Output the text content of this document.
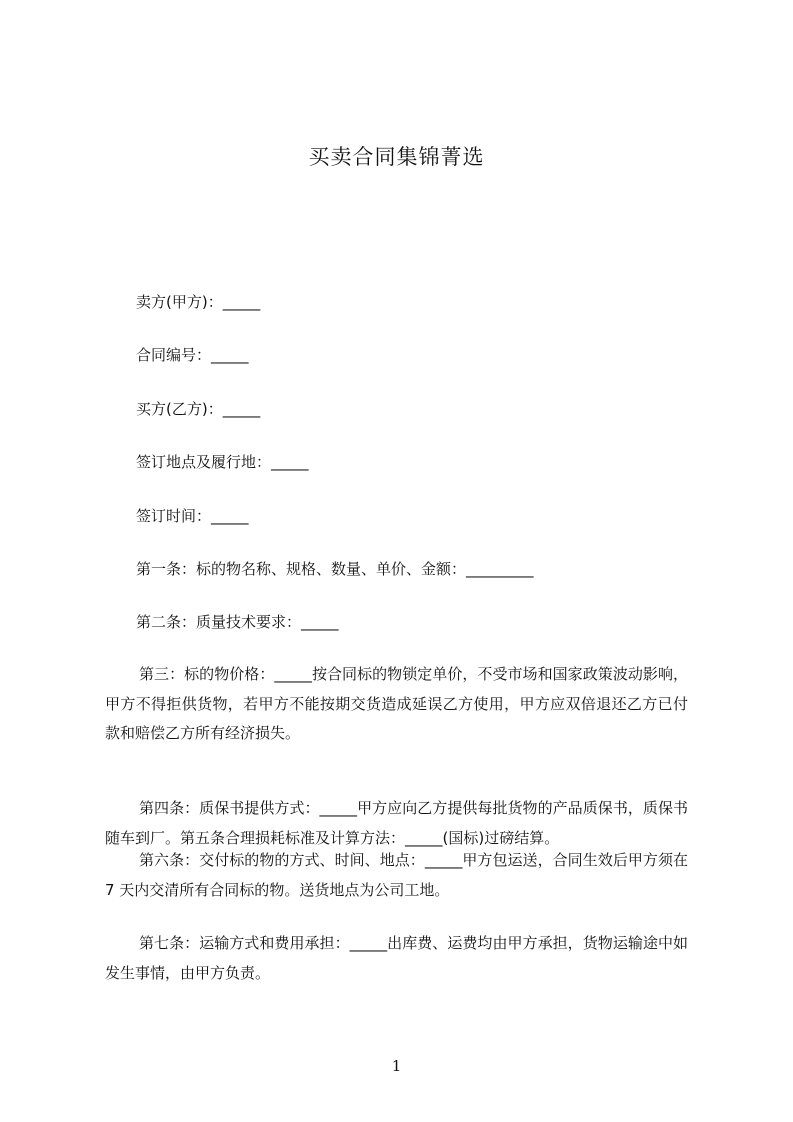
买卖合同集锦菁选
卖方(甲方)：_____
合同编号：_____
买方(乙方)：_____
签订地点及履行地：_____
签订时间：_____
第一条：标的物名称、规格、数量、单价、金额：_________
第二条：质量技术要求：_____
第三：标的物价格：_____按合同标的物锁定单价，不受市场和国家政策波动影响，甲方不得拒供货物，若甲方不能按期交货造成延误乙方使用，甲方应双倍退还乙方已付款和赔偿乙方所有经济损失。
第四条：质保书提供方式：_____甲方应向乙方提供每批货物的产品质保书，质保书随车到厂。第五条合理损耗标准及计算方法：_____(国标)过磅结算。
第六条：交付标的物的方式、时间、地点：_____甲方包运送，合同生效后甲方须在 7 天内交清所有合同标的物。送货地点为公司工地。
第七条：运输方式和费用承担：_____出库费、运费均由甲方承担，货物运输途中如发生事情，由甲方负责。
1
